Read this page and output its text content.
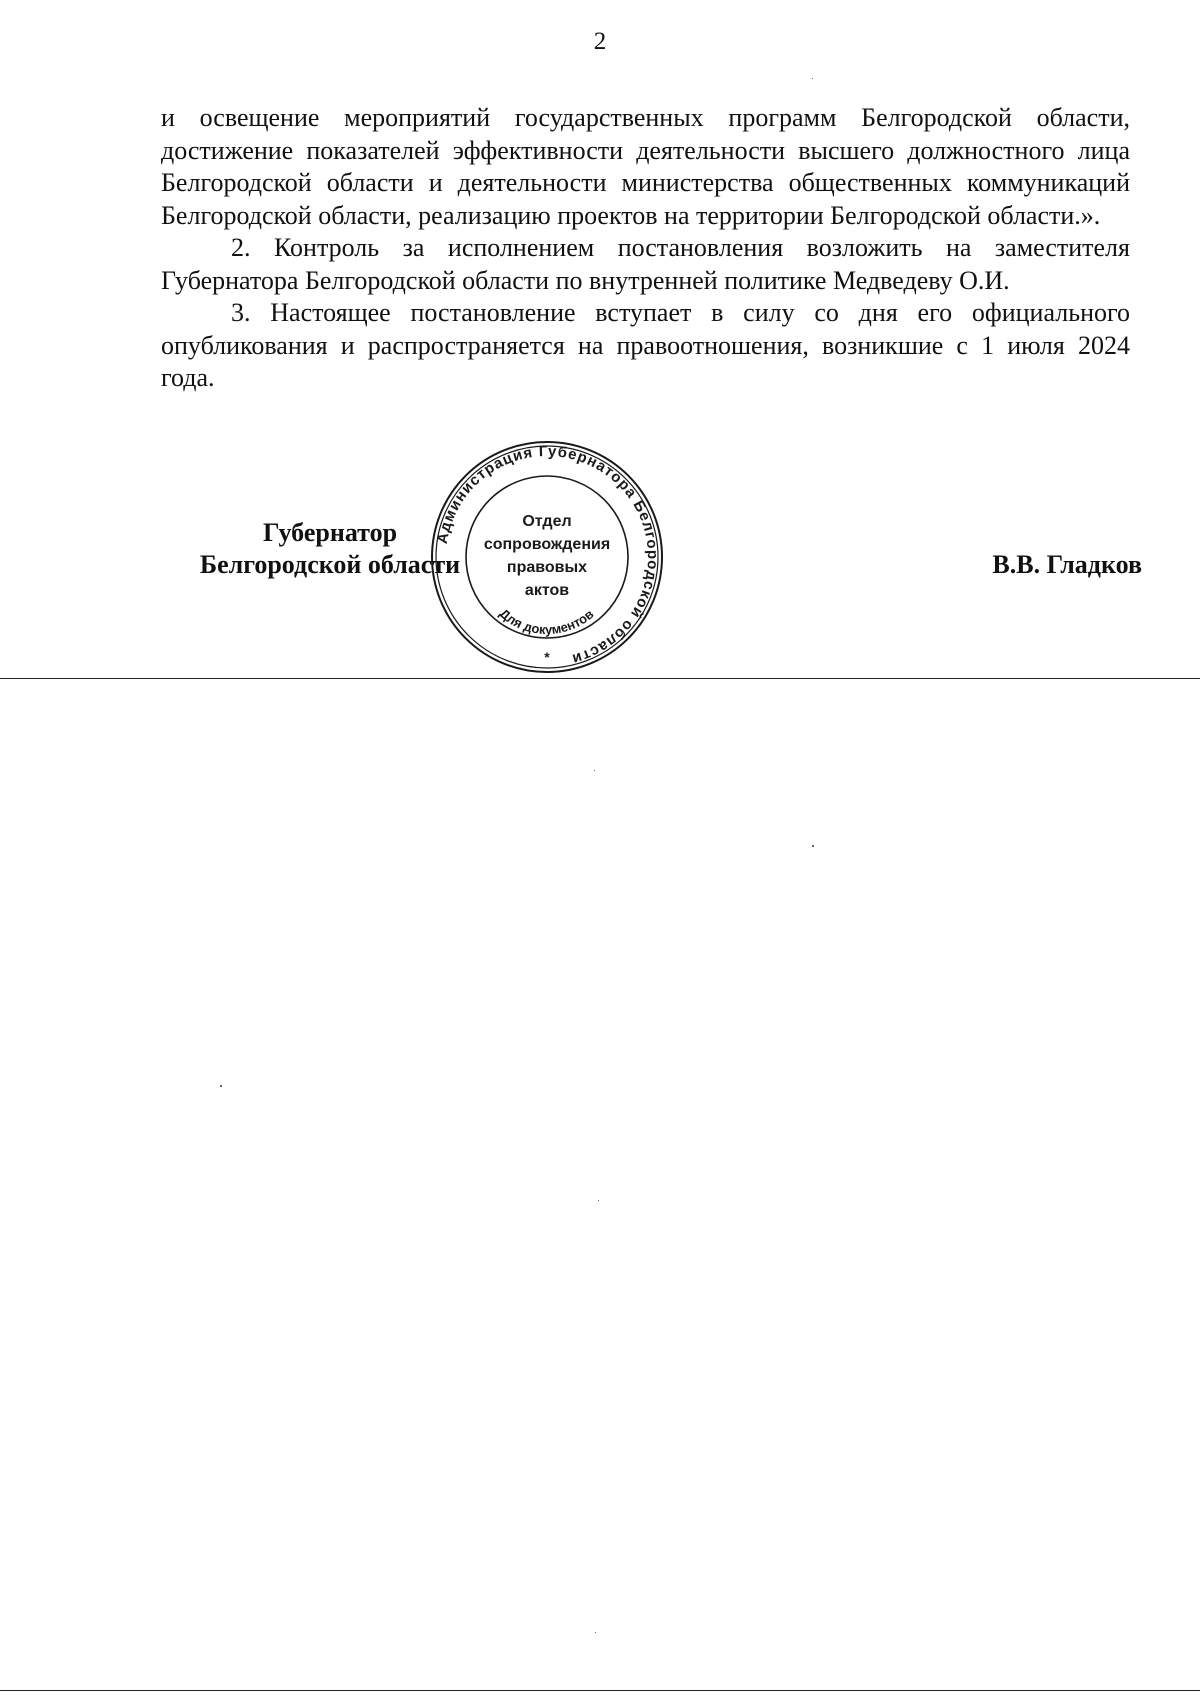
2

и освещение мероприятий государственных программ Белгородской области, достижение показателей эффективности деятельности высшего должностного лица Белгородской области и деятельности министерства общественных коммуникаций Белгородской области, реализацию проектов на территории Белгородской области.».

2. Контроль за исполнением постановления возложить на заместителя Губернатора Белгородской области по внутренней политике Медведеву О.И.

3. Настоящее постановление вступает в силу со дня его официального опубликования и распространяется на правоотношения, возникшие с 1 июля 2024 года.

Губернатор
Белгородской области	В.В. Гладков
Администрация Губернатора Белгородской области
Для документов
Отдел
сопровождения
правовых
актов
*
